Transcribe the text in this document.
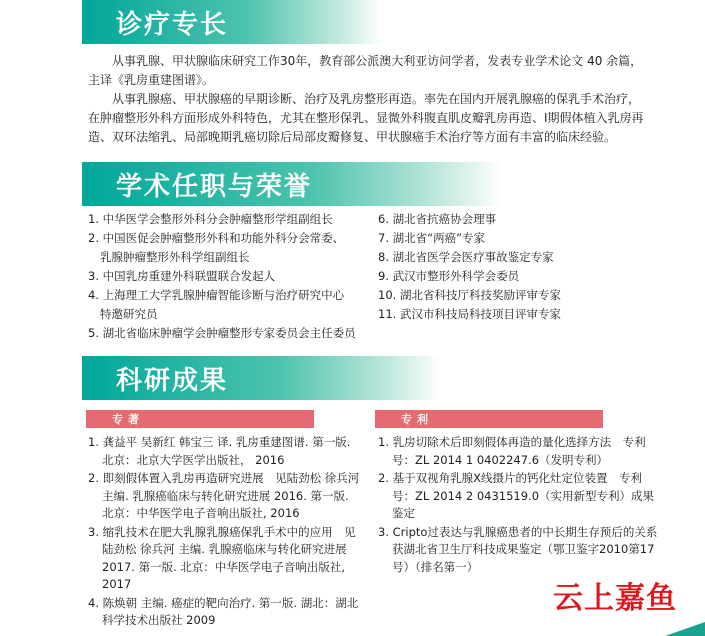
诊疗专长

从事乳腺、甲状腺临床研究工作30年，教育部公派澳大利亚访问学者，发表专业学术论文 40 余篇，主译《乳房重建图谱》。

从事乳腺癌、甲状腺癌的早期诊断、治疗及乳房整形再造。率先在国内开展乳腺癌的保乳手术治疗，在肿瘤整形外科方面形成外科特色，尤其在整形保乳、显微外科腹直肌皮瓣乳房再造、Ⅰ期假体植入乳房再造、双环法缩乳、局部晚期乳癌切除后局部皮瓣修复、甲状腺癌手术治疗等方面有丰富的临床经验。

学术任职与荣誉
1. 中华医学会整形外科分会肿瘤整形学组副组长
2. 中国医促会肿瘤整形外科和功能外科分会常委、
乳腺肿瘤整形外科学组副组长
3. 中国乳房重建外科联盟联合发起人
4. 上海理工大学乳腺肿瘤智能诊断与治疗研究中心
特邀研究员
5. 湖北省临床肿瘤学会肿瘤整形专家委员会主任委员
6. 湖北省抗癌协会理事
7. 湖北省“两癌”专家
8. 湖北省医学会医疗事故鉴定专家
9. 武汉市整形外科学会委员
10. 湖北省科技厅科技奖励评审专家
11. 武汉市科技局科技项目评审专家
科研成果
专著	专利
1. 龚益平 吴新红 韩宝三 译. 乳房重建图谱. 第一版. 北京：北京大学医学出版社， 2016
2. 即刻假体置入乳房再造研究进展　见陆劲松 徐兵河 主编. 乳腺癌临床与转化研究进展 2016. 第一版. 北京：中华医学电子音响出版社, 2016
3. 缩乳技术在肥大乳腺乳腺癌保乳手术中的应用　见陆劲松 徐兵河 主编. 乳腺癌临床与转化研究进展 2017. 第一版. 北京：中华医学电子音响出版社, 2017
4. 陈焕朝 主编. 癌症的靶向治疗. 第一版. 湖北：湖北科学技术出版社 2009
1. 乳房切除术后即刻假体再造的量化选择方法　专利号：ZL 2014 1 0402247.6（发明专利）
2. 基于双视角乳腺X线摄片的钙化灶定位装置　专利号：ZL 2014 2 0431519.0（实用新型专利）成果鉴定
3. Cripto过表达与乳腺癌患者的中长期生存预后的关系　获湖北省卫生厅科技成果鉴定（鄂卫鉴字2010第17号）（排名第一）
云上嘉鱼
